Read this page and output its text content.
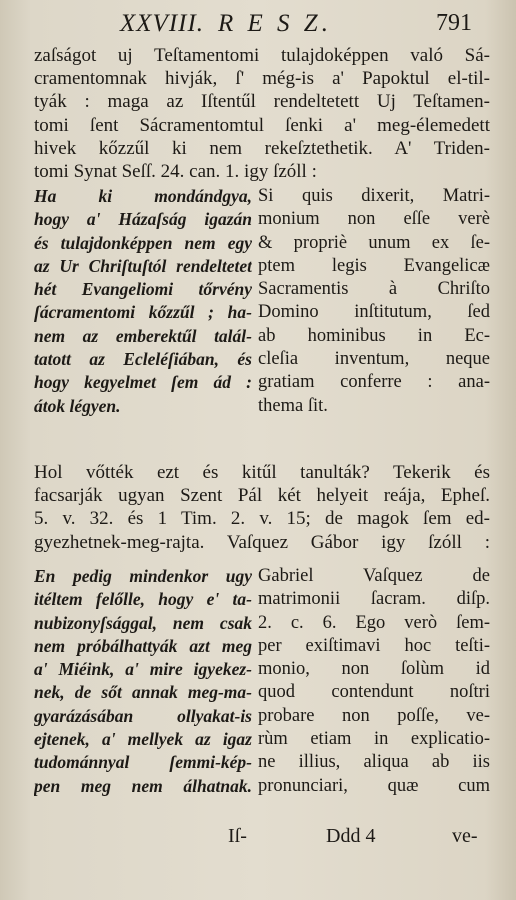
XXVIII. R E S Z.	791
zaſságot uj Teſtamentomi tulajdoképpen való Sá-
cramentomnak hivják, ſ' még-is a' Papoktul el-til-
tyák : maga az Iſtentűl rendeltetett Uj Teſtamen-
tomi ſent Sácramentomtul ſenki a' meg-élemedett
hivek kőzzűl ki nem rekeſztethetik. A' Triden-
tomi Synat Seſſ. 24. can. 1. igy ſzóll :
Ha ki mondándgya,
hogy a' Házaſság igazán
és tulajdonképpen nem egy
az Ur Chriſtuſtól rendeltetet
hét Evangeliomi tőrvény
ſácramentomi kőzzűl ; ha-
nem az emberektűl talál-
tatott az Ecleléſiában, és
hogy kegyelmet ſem ád :
átok légyen.
Si quis dixerit, Matri-
monium non eſſe verè
& propriè unum ex ſe-
ptem legis Evangelicæ
Sacramentis à Chriſto
Domino inſtitutum, ſed
ab hominibus in Ec-
cleſia inventum, neque
gratiam conferre : ana-
thema ſit.
Hol vőtték ezt és kitűl tanulták? Tekerik és
facsarják ugyan Szent Pál két helyeit reája, Epheſ.
5. v. 32. és 1 Tim. 2. v. 15; de magok ſem ed-
gyezhetnek-meg-rajta. Vaſquez Gábor igy ſzóll :
En pedig mindenkor ugy
itéltem felőlle, hogy e' ta-
nubizonyſsággal, nem csak
nem próbálhattyák azt meg
a' Miéink, a' mire igyekez-
nek, de sőt annak meg-ma-
gyarázásában ollyakat-is
ejtenek, a' mellyek az igaz
tudománnyal ſemmi-kép-
pen meg nem álhatnak.
Gabriel Vaſquez de
matrimonii ſacram. diſp.
2. c. 6. Ego verò ſem-
per exiſtimavi hoc teſti-
monio, non ſolùm id
quod contendunt noſtri
probare non poſſe, ve-
rùm etiam in explicatio-
ne illius, aliqua ab iis
pronunciari, quæ cum
Iſ-	Ddd 4	ve-
